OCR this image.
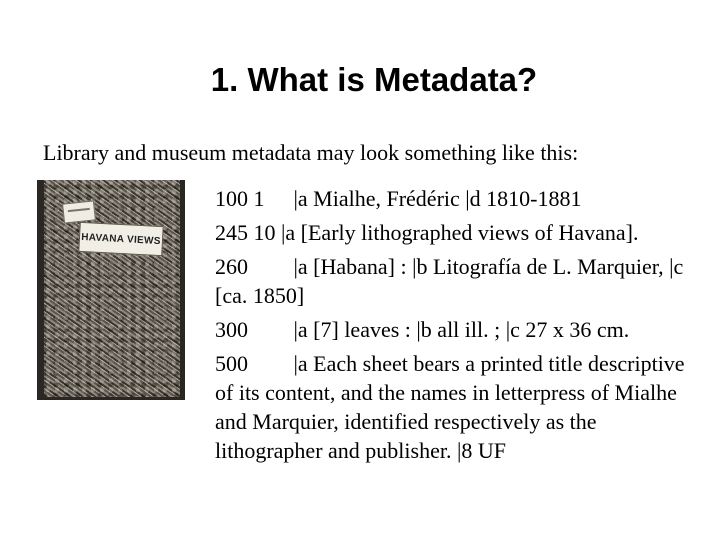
1. What is Metadata?
Library and museum metadata may look something like this:
HAVANA VIEWS
100 1 |a Mialhe, Frédéric |d 1810-1881
245 10 |a [Early lithographed views of Havana].
260 |a [Habana] : |b Litografía de L. Marquier, |c [ca. 1850]
300 |a [7] leaves : |b all ill. ; |c 27 x 36 cm.
500 |a Each sheet bears a printed title descriptive of its content, and the names in letterpress of Mialhe and Marquier, identified respectively as the lithographer and publisher. |8 UF
